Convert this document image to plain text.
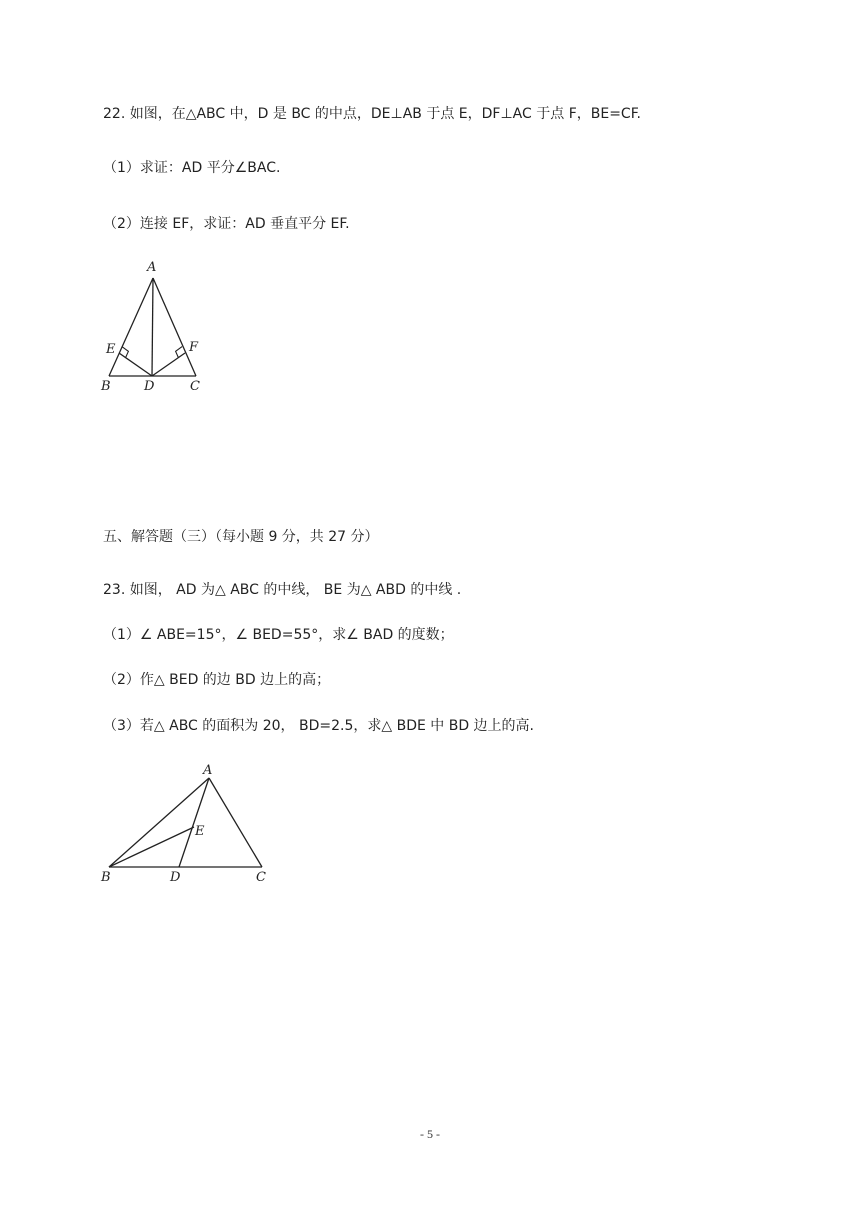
22. 如图，在△ABC 中，D 是 BC 的中点，DE⊥AB 于点 E，DF⊥AC 于点 F，BE=CF.
（1）求证：AD 平分∠BAC.
（2）连接 EF，求证：AD 垂直平分 EF.
A
E	F
B	D	C
五、解答题（三）（每小题 9 分，共 27 分）
23. 如图， AD 为△ ABC 的中线， BE 为△ ABD 的中线 .
（1）∠ ABE=15°，∠ BED=55°，求∠ BAD 的度数；
（2）作△ BED 的边 BD 边上的高；
（3）若△ ABC 的面积为 20， BD=2.5，求△ BDE 中 BD 边上的高.
A
E
B	D	C
- 5 -
